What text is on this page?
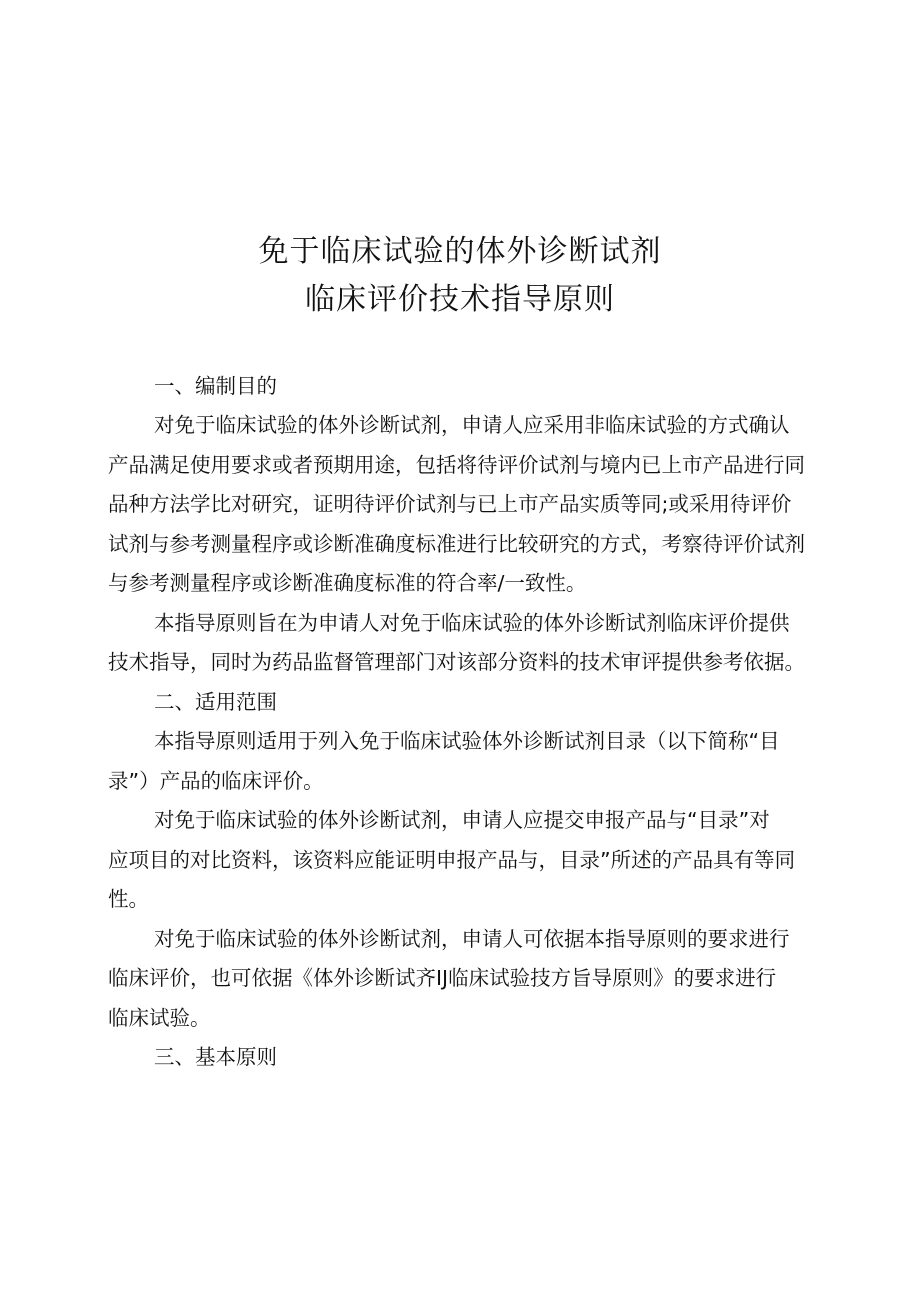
免于临床试验的体外诊断试剂
临床评价技术指导原则

一、编制目的

对免于临床试验的体外诊断试剂，申请人应采用非临床试验的方式确认

产品满足使用要求或者预期用途，包括将待评价试剂与境内已上市产品进行同

品种方法学比对研究，证明待评价试剂与已上市产品实质等同;或采用待评价

试剂与参考测量程序或诊断准确度标准进行比较研究的方式，考察待评价试剂

与参考测量程序或诊断准确度标准的符合率/一致性。

本指导原则旨在为申请人对免于临床试验的体外诊断试剂临床评价提供

技术指导，同时为药品监督管理部门对该部分资料的技术审评提供参考依据。

二、适用范围

本指导原则适用于列入免于临床试验体外诊断试剂目录（以下简称“目

录”）产品的临床评价。

对免于临床试验的体外诊断试剂，申请人应提交申报产品与“目录”对

应项目的对比资料，该资料应能证明申报产品与，目录”所述的产品具有等同

性。

对免于临床试验的体外诊断试剂，申请人可依据本指导原则的要求进行

临床评价，也可依据《体外诊断试齐IJ临床试验技方旨导原则》的要求进行

临床试验。

三、基本原则
